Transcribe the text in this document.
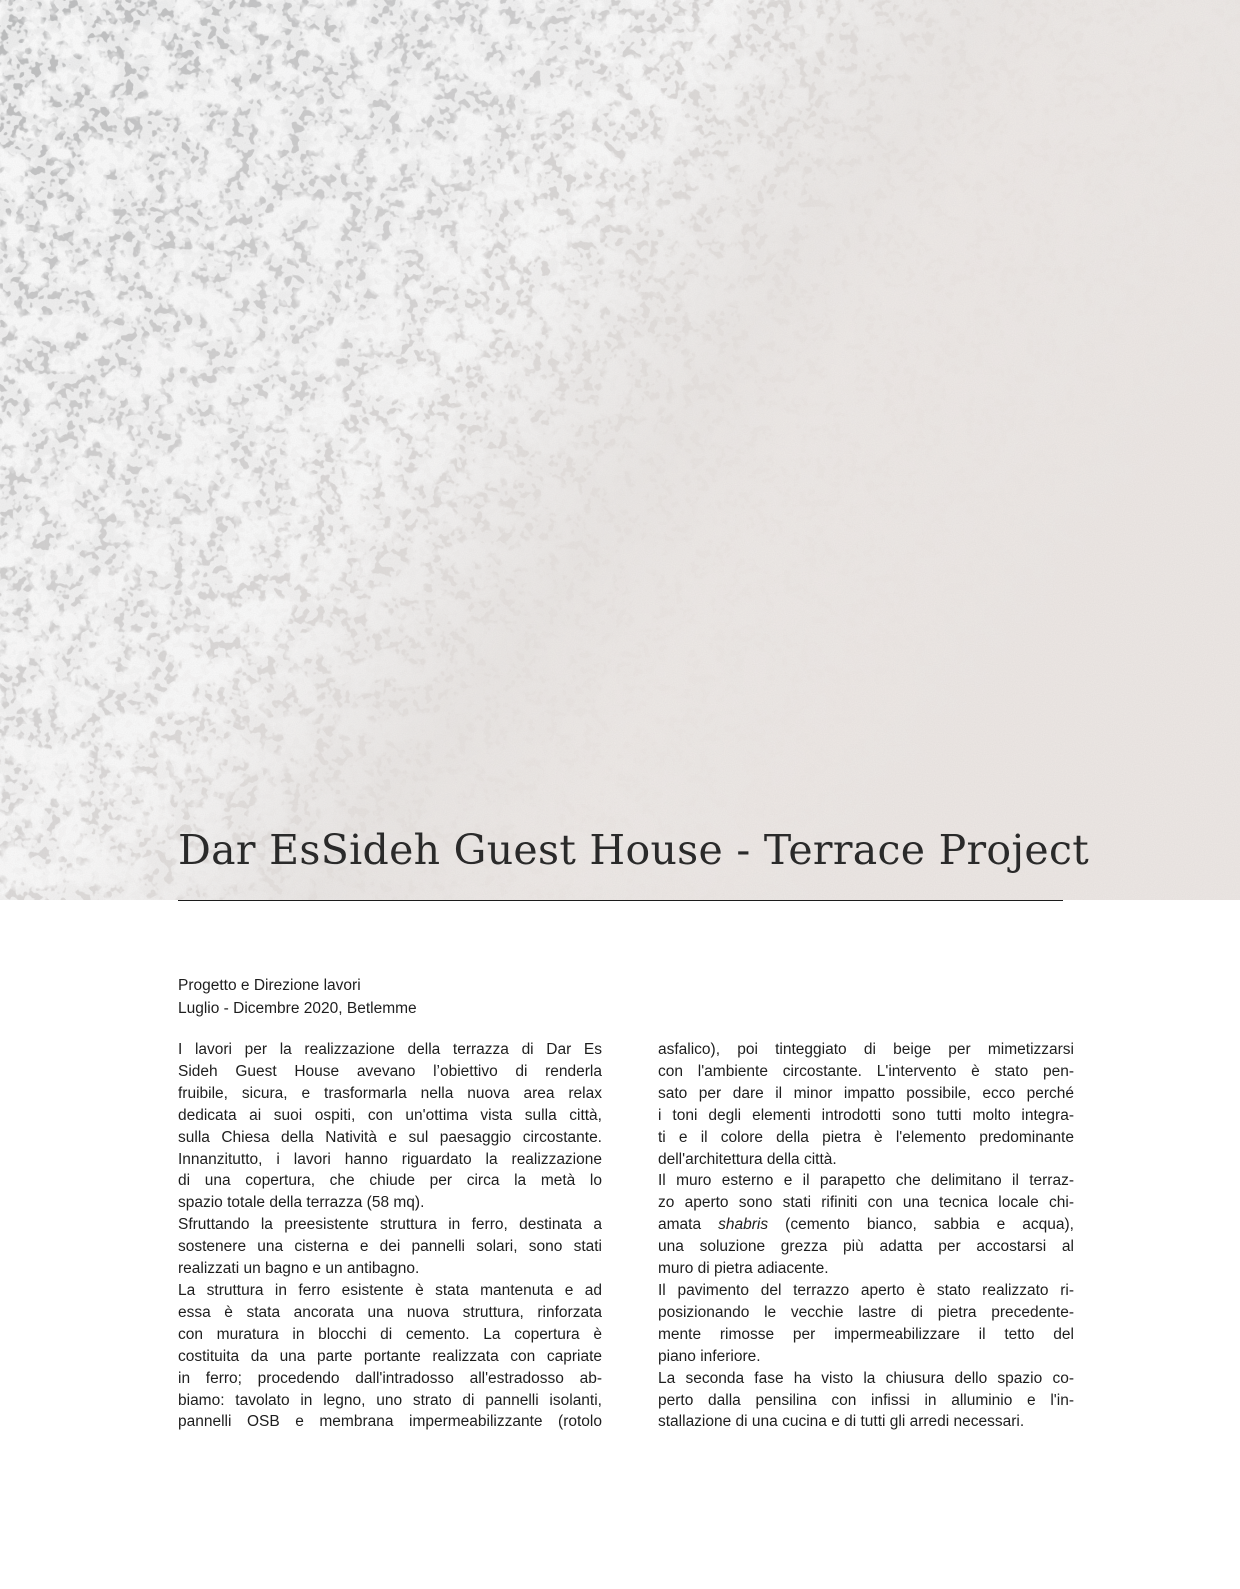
Dar EsSideh Guest House - Terrace Project
Progetto e Direzione lavori
Luglio - Dicembre 2020, Betlemme
I lavori per la realizzazione della terrazza di Dar Es
Sideh Guest House avevano l’obiettivo di renderla
fruibile, sicura, e trasformarla nella nuova area relax
dedicata ai suoi ospiti, con un'ottima vista sulla città,
sulla Chiesa della Natività e sul paesaggio circostante.
Innanzitutto, i lavori hanno riguardato la realizzazione
di una copertura, che chiude per circa la metà lo
spazio totale della terrazza (58 mq).
Sfruttando la preesistente struttura in ferro, destinata a
sostenere una cisterna e dei pannelli solari, sono stati
realizzati un bagno e un antibagno.
La struttura in ferro esistente è stata mantenuta e ad
essa è stata ancorata una nuova struttura, rinforzata
con muratura in blocchi di cemento. La copertura è
costituita da una parte portante realizzata con capriate
in ferro; procedendo dall'intradosso all'estradosso ab-
biamo: tavolato in legno, uno strato di pannelli isolanti,
pannelli OSB e membrana impermeabilizzante (rotolo
asfalico), poi tinteggiato di beige per mimetizzarsi
con l'ambiente circostante. L'intervento è stato pen-
sato per dare il minor impatto possibile, ecco perché
i toni degli elementi introdotti sono tutti molto integra-
ti e il colore della pietra è l'elemento predominante
dell'architettura della città.
Il muro esterno e il parapetto che delimitano il terraz-
zo aperto sono stati rifiniti con una tecnica locale chi-
amata shabris (cemento bianco, sabbia e acqua),
una soluzione grezza più adatta per accostarsi al
muro di pietra adiacente.
Il pavimento del terrazzo aperto è stato realizzato ri-
posizionando le vecchie lastre di pietra precedente-
mente rimosse per impermeabilizzare il tetto del
piano inferiore.
La seconda fase ha visto la chiusura dello spazio co-
perto dalla pensilina con infissi in alluminio e l'in-
stallazione di una cucina e di tutti gli arredi necessari.
